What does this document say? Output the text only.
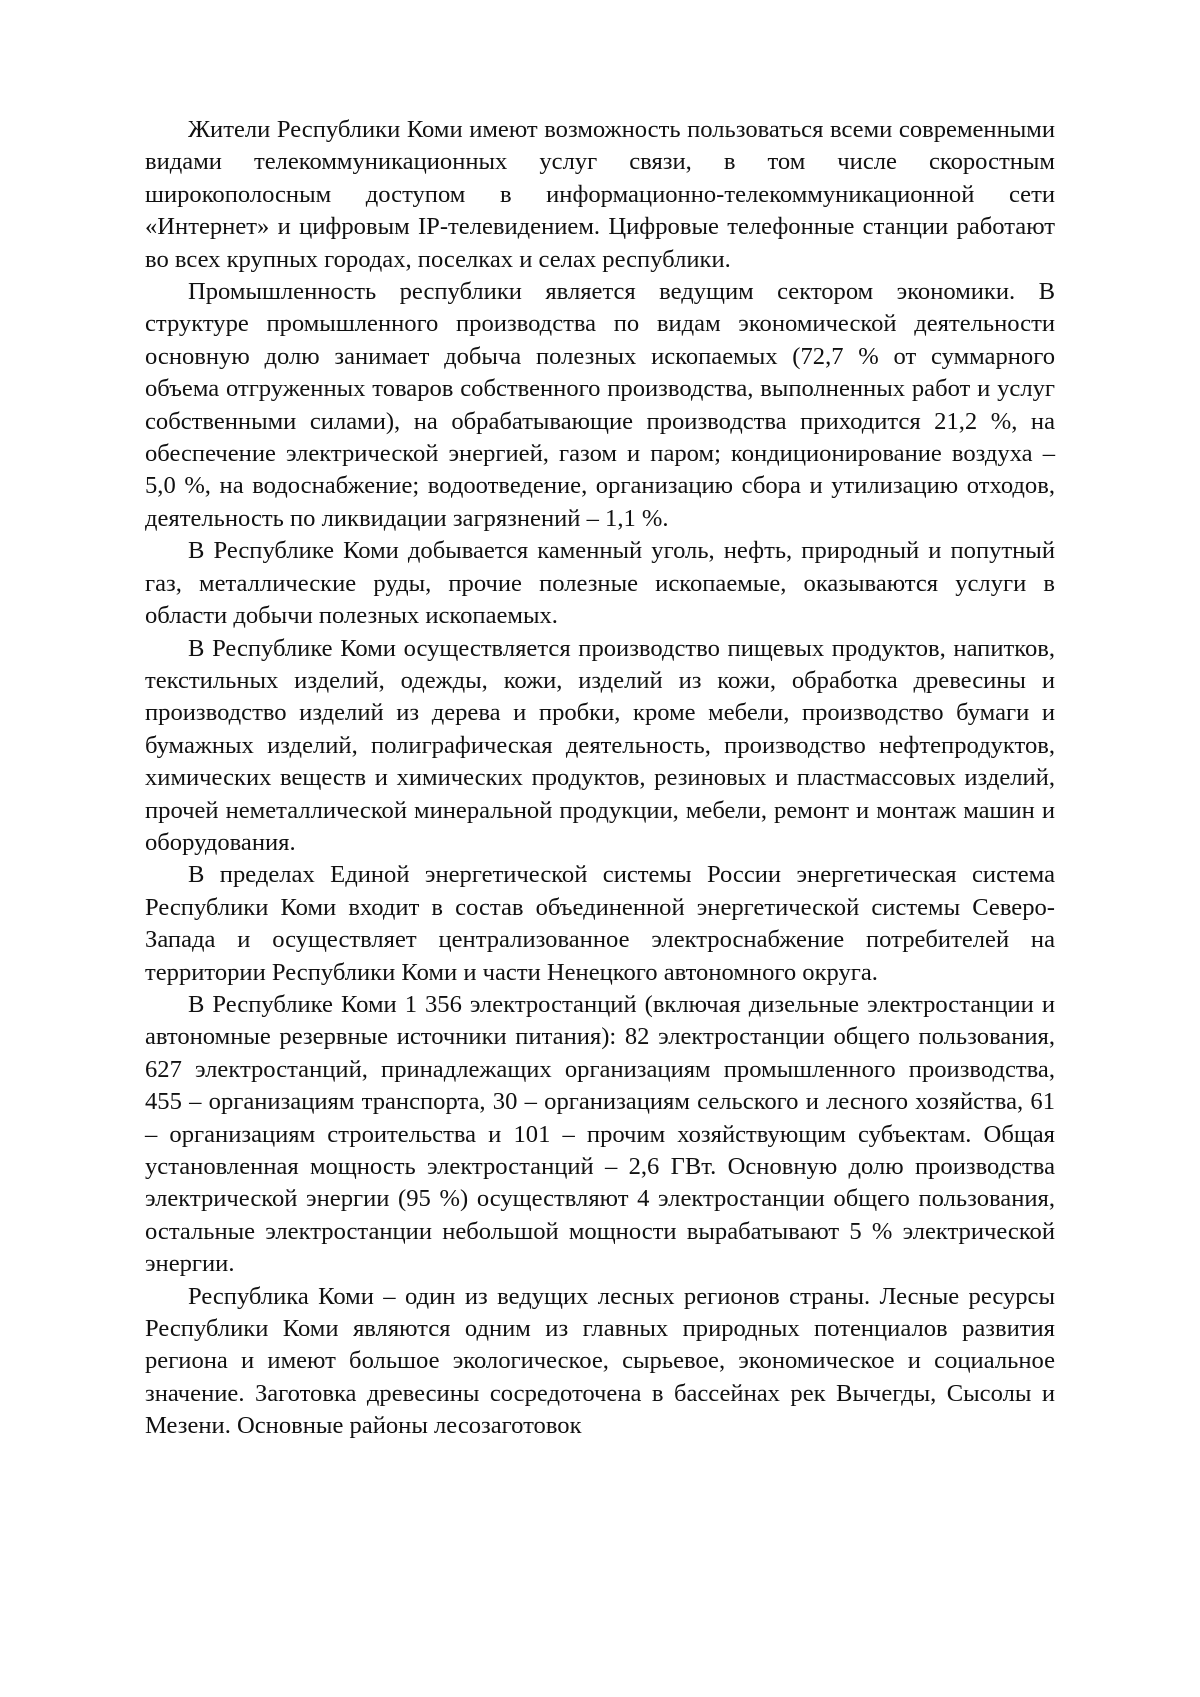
Жители Республики Коми имеют возможность пользоваться всеми современными видами телекоммуникационных услуг связи, в том числе скоростным широкополосным доступом в информационно-телекоммуникационной сети «Интернет» и цифровым IP-телевидением. Цифровые телефонные станции работают во всех крупных городах, поселках и селах республики.

Промышленность республики является ведущим сектором экономики. В структуре промышленного производства по видам экономической деятельности основную долю занимает добыча полезных ископаемых (72,7 % от суммарного объема отгруженных товаров собственного производства, выполненных работ и услуг собственными силами), на обрабатывающие производства приходится 21,2 %, на обеспечение электрической энергией, газом и паром; кондиционирование воздуха – 5,0 %, на водоснабжение; водоотведение, организацию сбора и утилизацию отходов, деятельность по ликвидации загрязнений – 1,1 %.

В Республике Коми добывается каменный уголь, нефть, природный и попутный газ, металлические руды, прочие полезные ископаемые, оказываются услуги в области добычи полезных ископаемых.

В Республике Коми осуществляется производство пищевых продуктов, напитков, текстильных изделий, одежды, кожи, изделий из кожи, обработка древесины и производство изделий из дерева и пробки, кроме мебели, производство бумаги и бумажных изделий, полиграфическая деятельность, производство нефтепродуктов, химических веществ и химических продуктов, резиновых и пластмассовых изделий, прочей неметаллической минеральной продукции, мебели, ремонт и монтаж машин и оборудования.

В пределах Единой энергетической системы России энергетическая система Республики Коми входит в состав объединенной энергетической системы Северо-Запада и осуществляет централизованное электроснабжение потребителей на территории Республики Коми и части Ненецкого автономного округа.

В Республике Коми 1 356 электростанций (включая дизельные электростанции и автономные резервные источники питания): 82 электростанции общего пользования, 627 электростанций, принадлежащих организациям промышленного производства, 455 – организациям транспорта, 30 – организациям сельского и лесного хозяйства, 61 – организациям строительства и 101 – прочим хозяйствующим субъектам. Общая установленная мощность электростанций – 2,6 ГВт. Основную долю производства электрической энергии (95 %) осуществляют 4 электростанции общего пользования, остальные электростанции небольшой мощности вырабатывают 5 % электрической энергии.

Республика Коми – один из ведущих лесных регионов страны. Лесные ресурсы Республики Коми являются одним из главных природных потенциалов развития региона и имеют большое экологическое, сырьевое, экономическое и социальное значение. Заготовка древесины сосредоточена в бассейнах рек Вычегды, Сысолы и Мезени. Основные районы лесозаготовок
